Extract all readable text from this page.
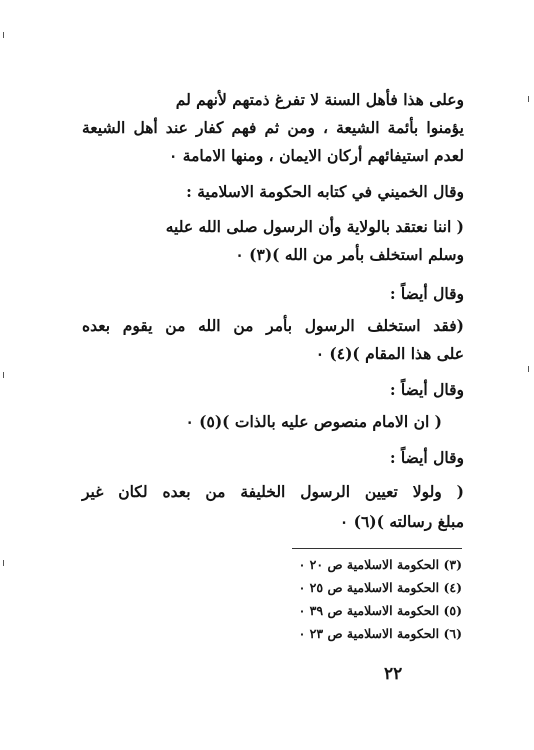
وعلى هذا فأهل السنة لا تفرغ ذمتهم لأنهم لم
يؤمنوا بأئمة الشيعة ، ومن ثم فهم كفار عند أهل الشيعة
لعدم استيفائهم أركان الايمان ، ومنها الامامة ٠
وقال الخميني في كتابه الحكومة الاسلامية :
( اننا نعتقد بالولاية وأن الرسول صلى الله عليه
وسلم استخلف بأمر من الله )(٣) ٠
وقال أيضاً :
(فقد استخلف الرسول بأمر من الله من يقوم بعده
على هذا المقام )(٤) ٠
وقال أيضاً :
( ان الامام منصوص عليه بالذات )(٥) ٠
وقال أيضاً :
( ولولا تعيين الرسول الخليفة من بعده لكان غير
مبلغ رسالته )(٦) ٠
(٣) الحكومة الاسلامية ص ٢٠ ٠
(٤) الحكومة الاسلامية ص ٢٥ ٠
(٥) الحكومة الاسلامية ص ٣٩ ٠
(٦) الحكومة الاسلامية ص ٢٣ ٠
٢٢
